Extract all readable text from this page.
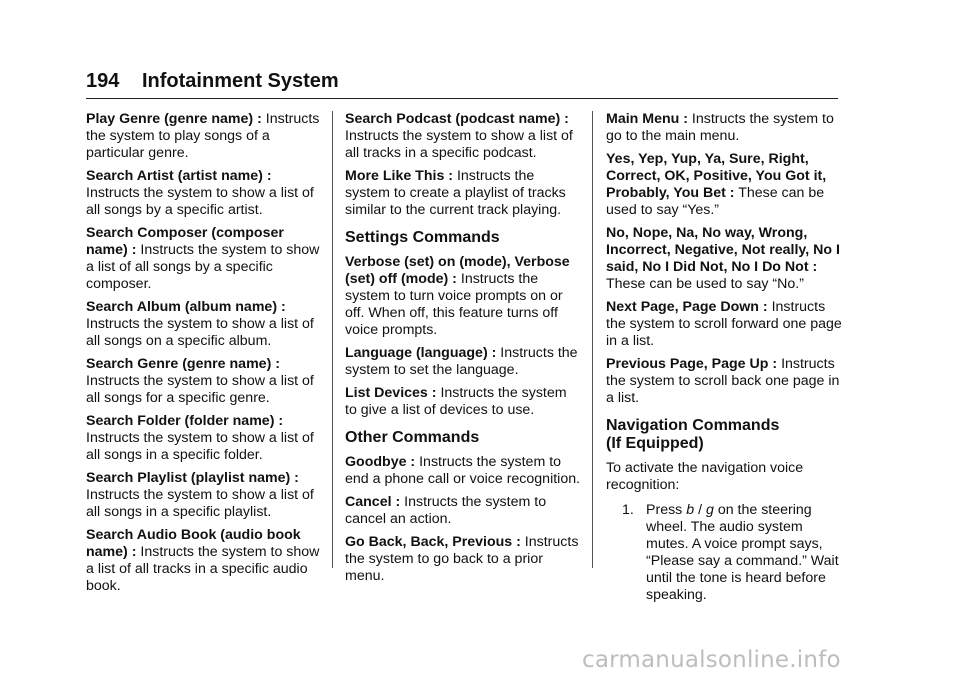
194 Infotainment System
Play Genre (genre name) : Instructs the system to play songs of a particular genre.
Search Artist (artist name) : Instructs the system to show a list of all songs by a specific artist.
Search Composer (composer name) : Instructs the system to show a list of all songs by a specific composer.
Search Album (album name) : Instructs the system to show a list of all songs on a specific album.
Search Genre (genre name) : Instructs the system to show a list of all songs for a specific genre.
Search Folder (folder name) : Instructs the system to show a list of all songs in a specific folder.
Search Playlist (playlist name) : Instructs the system to show a list of all songs in a specific playlist.
Search Audio Book (audio book name) : Instructs the system to show a list of all tracks in a specific audio book.
Search Podcast (podcast name) : Instructs the system to show a list of all tracks in a specific podcast.
More Like This : Instructs the system to create a playlist of tracks similar to the current track playing.
Settings Commands
Verbose (set) on (mode), Verbose (set) off (mode) : Instructs the system to turn voice prompts on or off. When off, this feature turns off voice prompts.
Language (language) : Instructs the system to set the language.
List Devices : Instructs the system to give a list of devices to use.
Other Commands
Goodbye : Instructs the system to end a phone call or voice recognition.
Cancel : Instructs the system to cancel an action.
Go Back, Back, Previous : Instructs the system to go back to a prior menu.
Main Menu : Instructs the system to go to the main menu.
Yes, Yep, Yup, Ya, Sure, Right, Correct, OK, Positive, You Got it, Probably, You Bet : These can be used to say “Yes.”
No, Nope, Na, No way, Wrong, Incorrect, Negative, Not really, No I said, No I Did Not, No I Do Not : These can be used to say “No.”
Next Page, Page Down : Instructs the system to scroll forward one page in a list.
Previous Page, Page Up : Instructs the system to scroll back one page in a list.
Navigation Commands
(If Equipped)
To activate the navigation voice recognition:
1. Press b / g on the steering wheel. The audio system mutes. A voice prompt says, “Please say a command.” Wait until the tone is heard before speaking.
carmanualsonline.info
